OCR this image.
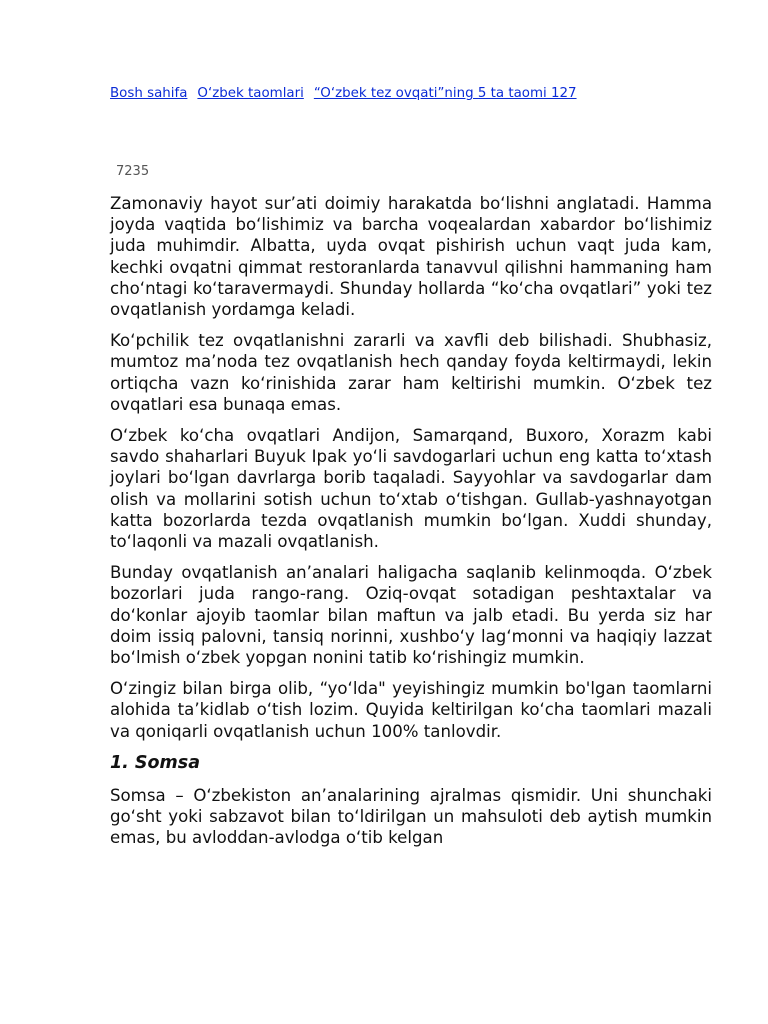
Bosh sahifa O‘zbek taomlari “O‘zbek tez ovqati”ning 5 ta taomi 127
7235

Zamonaviy hayot sur’ati doimiy harakatda bo‘lishni anglatadi. Hamma joyda vaqtida bo‘lishimiz va barcha voqealardan xabardor bo‘lishimiz juda muhimdir. Albatta, uyda ovqat pishirish uchun vaqt juda kam, kechki ovqatni qimmat restoranlarda tanavvul qilishni hammaning ham cho‘ntagi ko‘taravermaydi. Shunday hollarda “ko‘cha ovqatlari” yoki tez ovqatlanish yordamga keladi.

Ko‘pchilik tez ovqatlanishni zararli va xavfli deb bilishadi. Shubhasiz, mumtoz ma’noda tez ovqatlanish hech qanday foyda keltirmaydi, lekin ortiqcha vazn ko‘rinishida zarar ham keltirishi mumkin. O‘zbek tez ovqatlari esa bunaqa emas.

O‘zbek ko‘cha ovqatlari Andijon, Samarqand, Buxoro, Xorazm kabi savdo shaharlari Buyuk Ipak yo‘li savdogarlari uchun eng katta to‘xtash joylari bo‘lgan davrlarga borib taqaladi. Sayyohlar va savdogarlar dam olish va mollarini sotish uchun to‘xtab o‘tishgan. Gullab-yashnayotgan katta bozorlarda tezda ovqatlanish mumkin bo‘lgan. Xuddi shunday, to‘laqonli va mazali ovqatlanish.

Bunday ovqatlanish an’analari haligacha saqlanib kelinmoqda. O‘zbek bozorlari juda rango-rang. Oziq-ovqat sotadigan peshtaxtalar va do‘konlar ajoyib taomlar bilan maftun va jalb etadi. Bu yerda siz har doim issiq palovni, tansiq norinni, xushbo‘y lag‘monni va haqiqiy lazzat bo‘lmish o‘zbek yopgan nonini tatib ko‘rishingiz mumkin.

O‘zingiz bilan birga olib, “yo‘lda" yeyishingiz mumkin bo'lgan taomlarni alohida ta’kidlab o‘tish lozim. Quyida keltirilgan ko‘cha taomlari mazali va qoniqarli ovqatlanish uchun 100% tanlovdir.

1. Somsa

Somsa – O‘zbekiston an’analarining ajralmas qismidir. Uni shunchaki go‘sht yoki sabzavot bilan to‘ldirilgan un mahsuloti deb aytish mumkin emas, bu avloddan-avlodga o‘tib kelgan
